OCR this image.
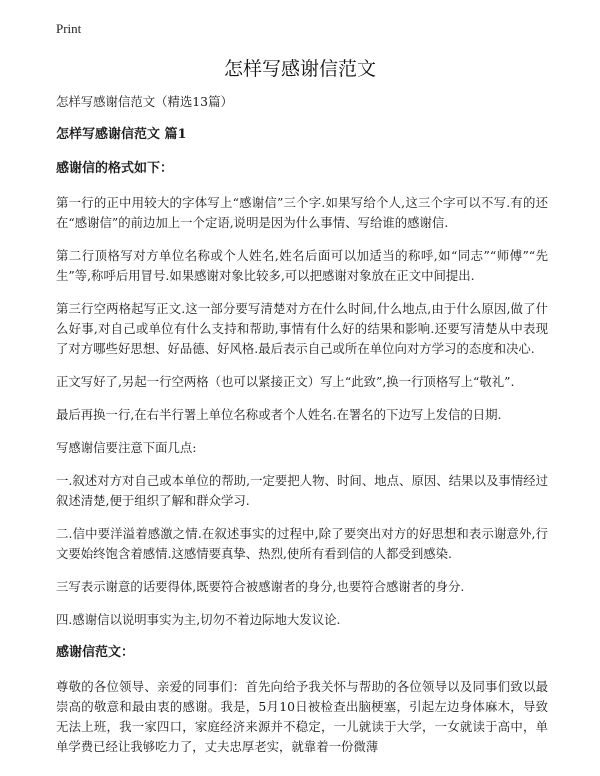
Print
怎样写感谢信范文

怎样写感谢信范文（精选13篇）

怎样写感谢信范文 篇1

感谢信的格式如下：

第一行的正中用较大的字体写上“感谢信”三个字.如果写给个人,这三个字可以不写.有的还在“感谢信”的前边加上一个定语,说明是因为什么事情、写给谁的感谢信.

第二行顶格写对方单位名称或个人姓名,姓名后面可以加适当的称呼,如“同志”“师傅”“先生”等,称呼后用冒号.如果感谢对象比较多,可以把感谢对象放在正文中间提出.

第三行空两格起写正文.这一部分要写清楚对方在什么时间,什么地点,由于什么原因,做了什么好事,对自己或单位有什么支持和帮助,事情有什么好的结果和影响.还要写清楚从中表现了对方哪些好思想、好品德、好风格.最后表示自己或所在单位向对方学习的态度和决心.

正文写好了,另起一行空两格（也可以紧接正文）写上“此致”,换一行顶格写上“敬礼”.

最后再换一行,在右半行署上单位名称或者个人姓名.在署名的下边写上发信的日期.

写感谢信要注意下面几点:

一.叙述对方对自己或本单位的帮助,一定要把人物、时间、地点、原因、结果以及事情经过叙述清楚,便于组织了解和群众学习.

二.信中要洋溢着感激之情.在叙述事实的过程中,除了要突出对方的好思想和表示谢意外,行文要始终饱含着感情.这感情要真挚、热烈,使所有看到信的人都受到感染.

三写表示谢意的话要得体,既要符合被感谢者的身分,也要符合感谢者的身分.

四.感谢信以说明事实为主,切勿不着边际地大发议论.

感谢信范文：

尊敬的各位领导、亲爱的同事们：首先向给予我关怀与帮助的各位领导以及同事们致以最崇高的敬意和最由衷的感谢。我是，5月10日被检查出脑梗塞，引起左边身体麻木，导致无法上班，我一家四口，家庭经济来源并不稳定，一儿就读于大学，一女就读于高中，单单学费已经让我够吃力了，丈夫忠厚老实，就靠着一份微薄
